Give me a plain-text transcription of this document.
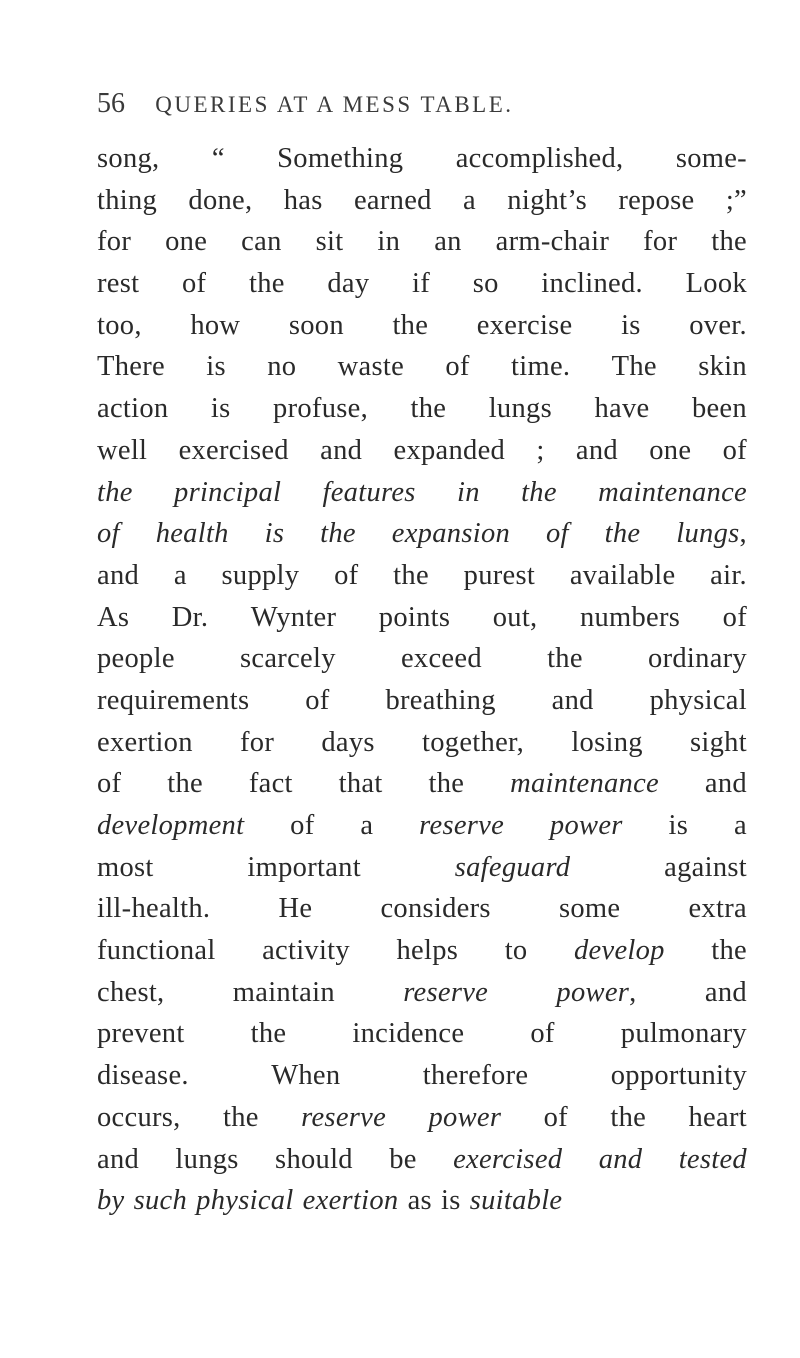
56 QUERIES AT A MESS TABLE.
song, “ Something accomplished, some-
thing done, has earned a night’s repose ;”
for one can sit in an arm-chair for the
rest of the day if so inclined. Look
too, how soon the exercise is over.
There is no waste of time. The skin
action is profuse, the lungs have been
well exercised and expanded ; and one of
the principal features in the maintenance
of health is the expansion of the lungs,
and a supply of the purest available air.
As Dr. Wynter points out, numbers of
people scarcely exceed the ordinary
requirements of breathing and physical
exertion for days together, losing sight
of the fact that the maintenance and
development of a reserve power is a
most	important	safeguard	against
ill-health. He considers some extra
functional activity helps to develop the
chest, maintain reserve power, and
prevent the incidence of pulmonary
disease.	When	therefore	opportunity
occurs, the reserve power of the heart
and lungs should be exercised and tested
by such physical exertion as is suitable
